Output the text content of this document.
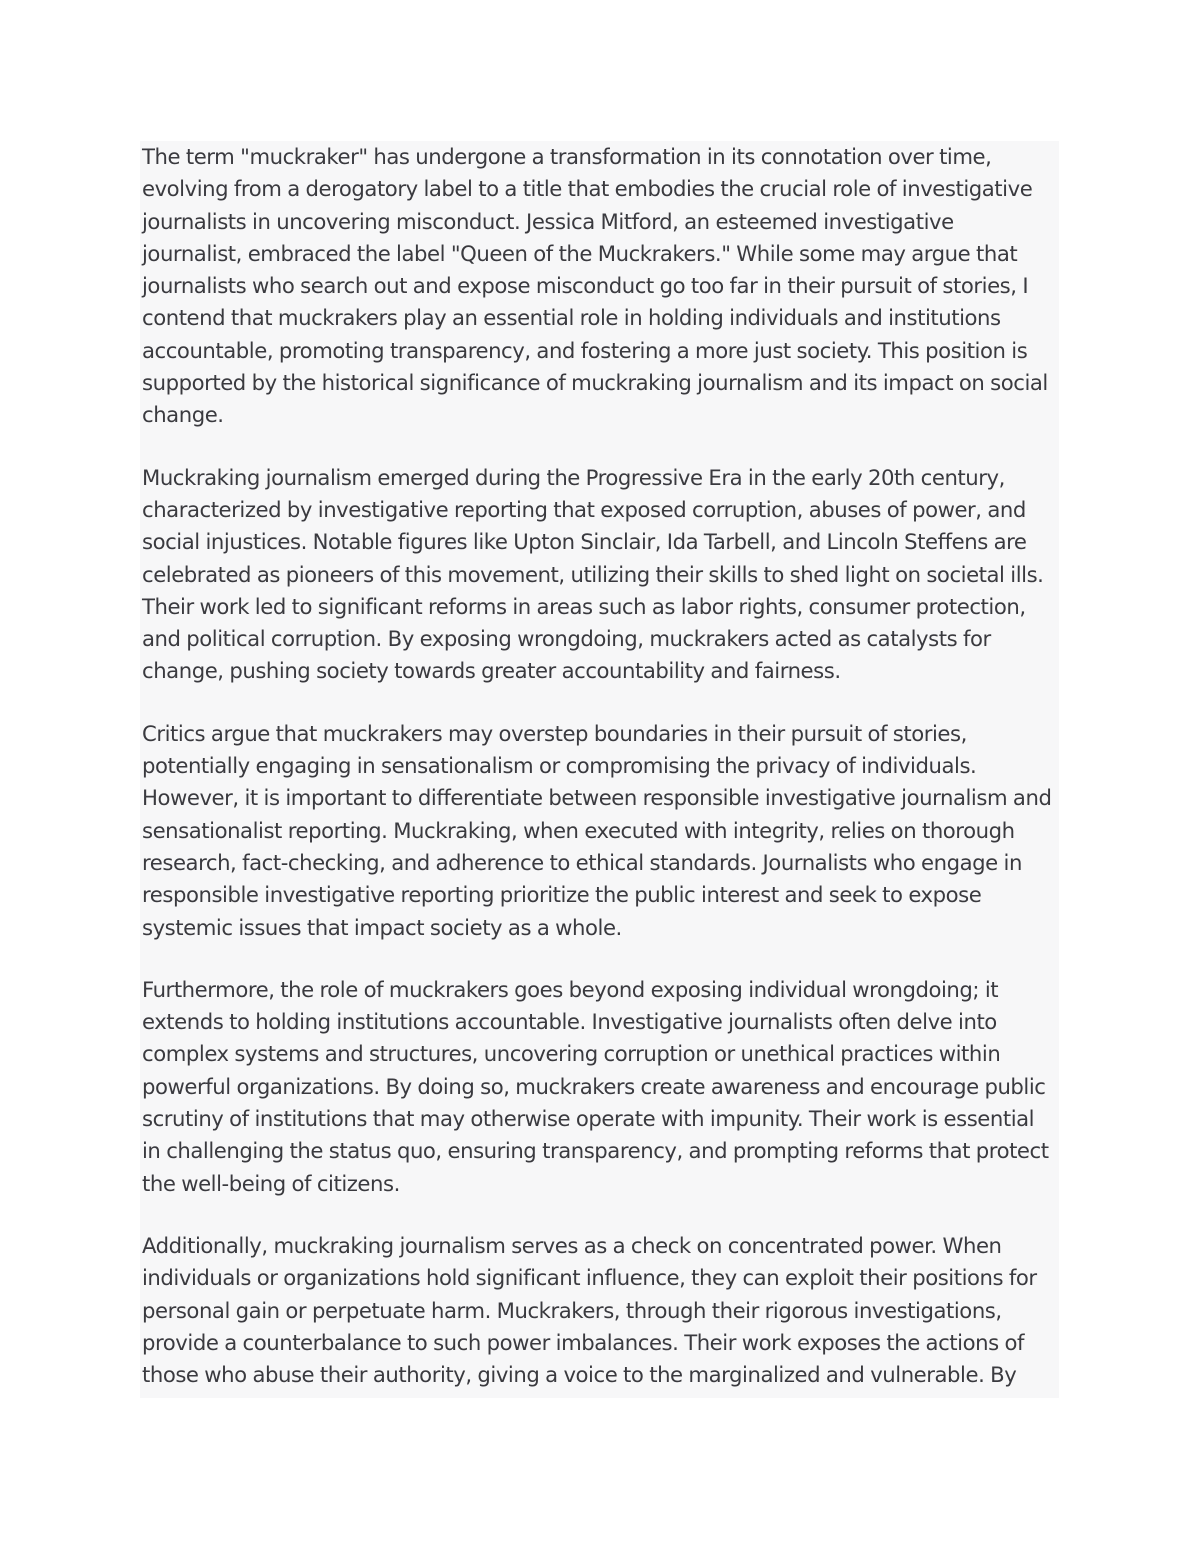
The term "muckraker" has undergone a transformation in its connotation over time, evolving from a derogatory label to a title that embodies the crucial role of investigative journalists in uncovering misconduct. Jessica Mitford, an esteemed investigative journalist, embraced the label "Queen of the Muckrakers." While some may argue that journalists who search out and expose misconduct go too far in their pursuit of stories, I contend that muckrakers play an essential role in holding individuals and institutions accountable, promoting transparency, and fostering a more just society. This position is supported by the historical significance of muckraking journalism and its impact on social change.

Muckraking journalism emerged during the Progressive Era in the early 20th century, characterized by investigative reporting that exposed corruption, abuses of power, and social injustices. Notable figures like Upton Sinclair, Ida Tarbell, and Lincoln Steffens are celebrated as pioneers of this movement, utilizing their skills to shed light on societal ills. Their work led to significant reforms in areas such as labor rights, consumer protection, and political corruption. By exposing wrongdoing, muckrakers acted as catalysts for change, pushing society towards greater accountability and fairness.

Critics argue that muckrakers may overstep boundaries in their pursuit of stories, potentially engaging in sensationalism or compromising the privacy of individuals. However, it is important to differentiate between responsible investigative journalism and sensationalist reporting. Muckraking, when executed with integrity, relies on thorough research, fact-checking, and adherence to ethical standards. Journalists who engage in responsible investigative reporting prioritize the public interest and seek to expose systemic issues that impact society as a whole.

Furthermore, the role of muckrakers goes beyond exposing individual wrongdoing; it extends to holding institutions accountable. Investigative journalists often delve into complex systems and structures, uncovering corruption or unethical practices within powerful organizations. By doing so, muckrakers create awareness and encourage public scrutiny of institutions that may otherwise operate with impunity. Their work is essential in challenging the status quo, ensuring transparency, and prompting reforms that protect the well-being of citizens.

Additionally, muckraking journalism serves as a check on concentrated power. When individuals or organizations hold significant influence, they can exploit their positions for personal gain or perpetuate harm. Muckrakers, through their rigorous investigations, provide a counterbalance to such power imbalances. Their work exposes the actions of those who abuse their authority, giving a voice to the marginalized and vulnerable. By
